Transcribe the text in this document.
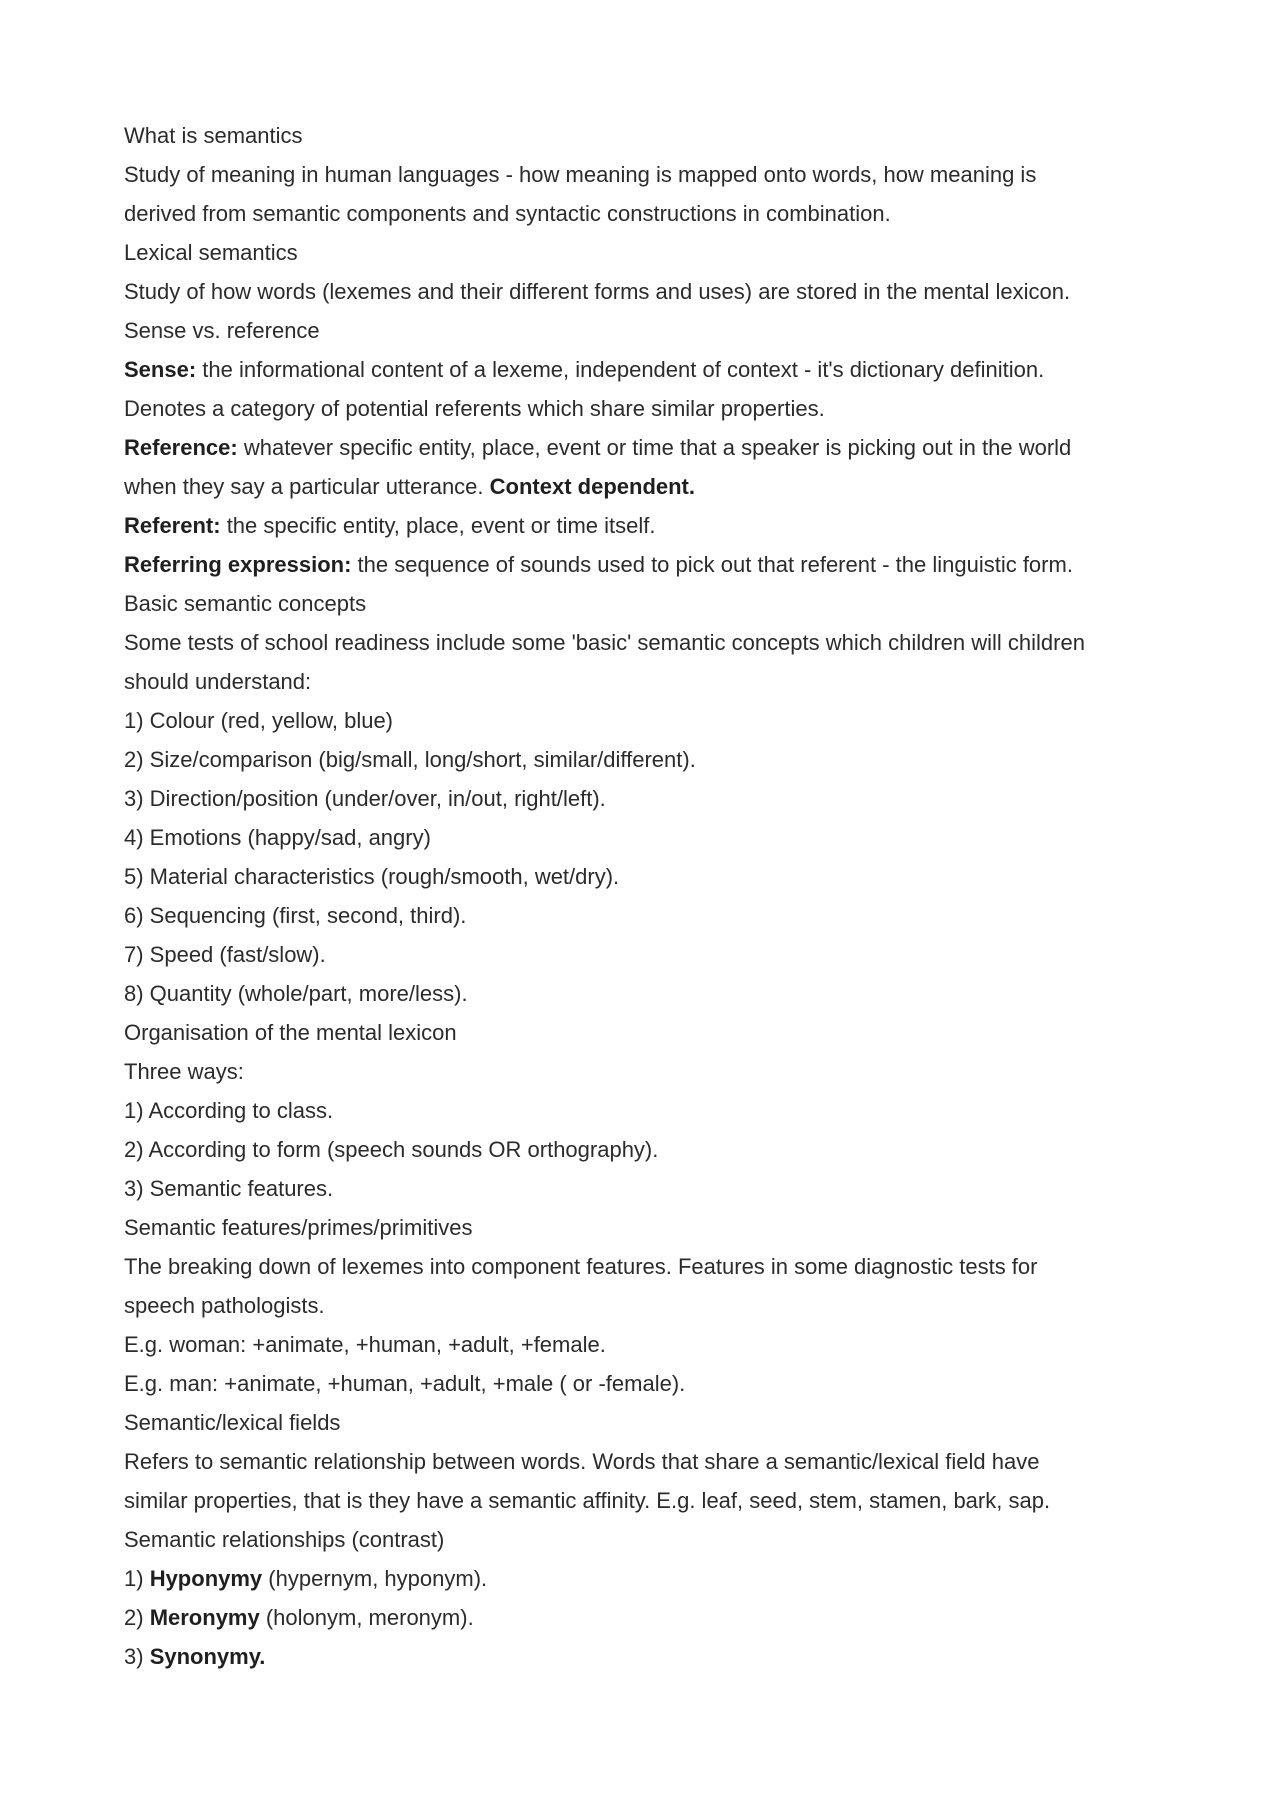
What is semantics

Study of meaning in human languages - how meaning is mapped onto words, how meaning is

derived from semantic components and syntactic constructions in combination.

Lexical semantics

Study of how words (lexemes and their different forms and uses) are stored in the mental lexicon.

Sense vs. reference

Sense: the informational content of a lexeme, independent of context - it's dictionary definition.

Denotes a category of potential referents which share similar properties.

Reference: whatever specific entity, place, event or time that a speaker is picking out in the world

when they say a particular utterance. Context dependent.

Referent: the specific entity, place, event or time itself.

Referring expression: the sequence of sounds used to pick out that referent - the linguistic form.

Basic semantic concepts

Some tests of school readiness include some 'basic' semantic concepts which children will children

should understand:

1) Colour (red, yellow, blue)

2) Size/comparison (big/small, long/short, similar/different).

3) Direction/position (under/over, in/out, right/left).

4) Emotions (happy/sad, angry)

5) Material characteristics (rough/smooth, wet/dry).

6) Sequencing (first, second, third).

7) Speed (fast/slow).

8) Quantity (whole/part, more/less).

Organisation of the mental lexicon

Three ways:

1) According to class.

2) According to form (speech sounds OR orthography).

3) Semantic features.

Semantic features/primes/primitives

The breaking down of lexemes into component features. Features in some diagnostic tests for

speech pathologists.

E.g. woman: +animate, +human, +adult, +female.

E.g. man: +animate, +human, +adult, +male ( or -female).

Semantic/lexical fields

Refers to semantic relationship between words. Words that share a semantic/lexical field have

similar properties, that is they have a semantic affinity. E.g. leaf, seed, stem, stamen, bark, sap.

Semantic relationships (contrast)

1) Hyponymy (hypernym, hyponym).

2) Meronymy (holonym, meronym).

3) Synonymy.
